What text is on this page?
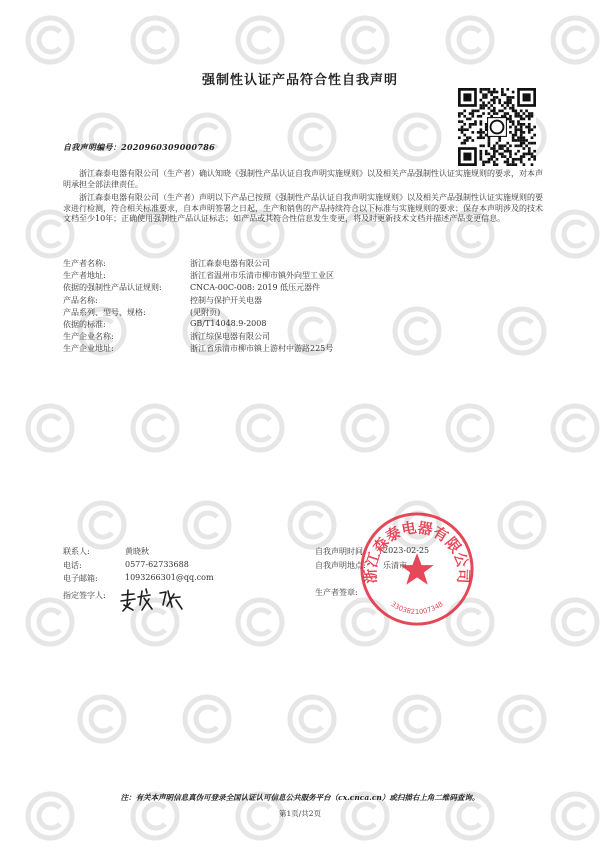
强制性认证产品符合性自我声明
自我声明编号：2020960309000786

浙江森泰电器有限公司（生产者）确认知晓《强制性产品认证自我声明实施规则》以及相关产品强制性认证实施规则的要求，对本声明承担全部法律责任。

浙江森泰电器有限公司（生产者）声明以下产品已按照《强制性产品认证自我声明实施规则》以及相关产品强制性认证实施规则的要求进行检测，符合相关标准要求，自本声明签署之日起，生产和销售的产品持续符合以下标准与实施规则的要求；保存本声明涉及的技术文档至少10年；正确使用强制性产品认证标志；如产品或其符合性信息发生变更，将及时更新技术文档并描述产品变更信息。

生产者名称:	浙江森泰电器有限公司
生产者地址:	浙江省温州市乐清市柳市镇外向型工业区
依据的强制性产品认证规则:	CNCA-00C-008: 2019 低压元器件
产品名称:	控制与保护开关电器
产品系列、型号、规格:	(见附页)
依据的标准:	GB/T14048.9-2008
生产企业名称:	浙江综保电器有限公司
生产企业地址:	浙江省乐清市柳市镇上游村中游路225号
联系人:	黄晓秋
电话:	0577-62733688
电子邮箱:	1093266301@qq.com
指定签字人:
自我声明时间: 2023-02-25
自我声明地点: 乐清市
生产者签章:
浙江森泰电器有限公司
3303821007348
注：有关本声明信息真伪可登录全国认证认可信息公共服务平台（cx.cnca.cn）或扫描右上角二维码查询。
第1页/共2页
